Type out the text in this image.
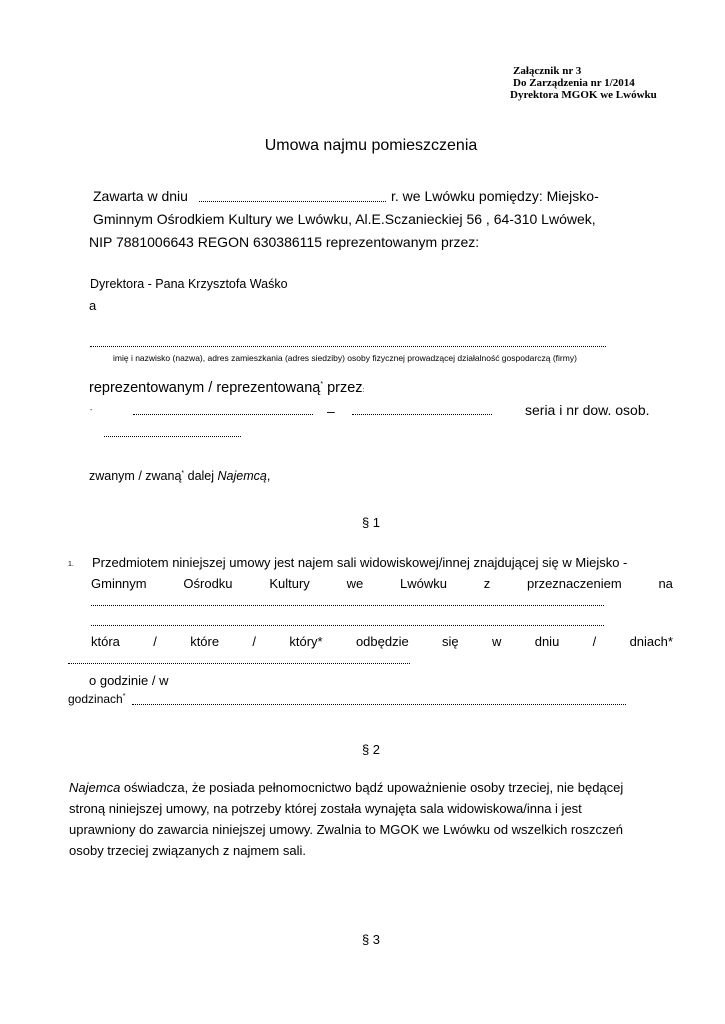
Załącznik nr 3
Do Zarządzenia nr 1/2014
Dyrektora MGOK we Lwówku
Umowa najmu pomieszczenia
Zawarta w dniu	r. we Lwówku pomiędzy: Miejsko-
Gminnym Ośrodkiem Kultury we Lwówku, Al.E.Sczanieckiej 56 , 64-310 Lwówek,
NIP 7881006643 REGON 630386115 reprezentowanym przez:
Dyrektora - Pana Krzysztofa Waśko
a
imię i nazwisko (nazwa), adres zamieszkania (adres siedziby) osoby fizycznej prowadzącej działalność gospodarczą (firmy)
reprezentowanym / reprezentowaną* przez:
-	–	seria i nr dow. osob.
zwanym / zwaną* dalej Najemcą,
§ 1
1. Przedmiotem niniejszej umowy jest najem sali widowiskowej/innej znajdującej się w Miejsko -
Gminnym	Ośrodku	Kultury	we	Lwówku	z	przeznaczeniem	na
która	/	które	/	który*	odbędzie	się	w	dniu	/	dniach*
o godzinie / w
godzinach*
§ 2
Najemca oświadcza, że posiada pełnomocnictwo bądź upoważnienie osoby trzeciej, nie będącej
stroną niniejszej umowy, na potrzeby której została wynajęta sala widowiskowa/inna i jest
uprawniony do zawarcia niniejszej umowy. Zwalnia to MGOK we Lwówku od wszelkich roszczeń
osoby trzeciej związanych z najmem sali.
§ 3
